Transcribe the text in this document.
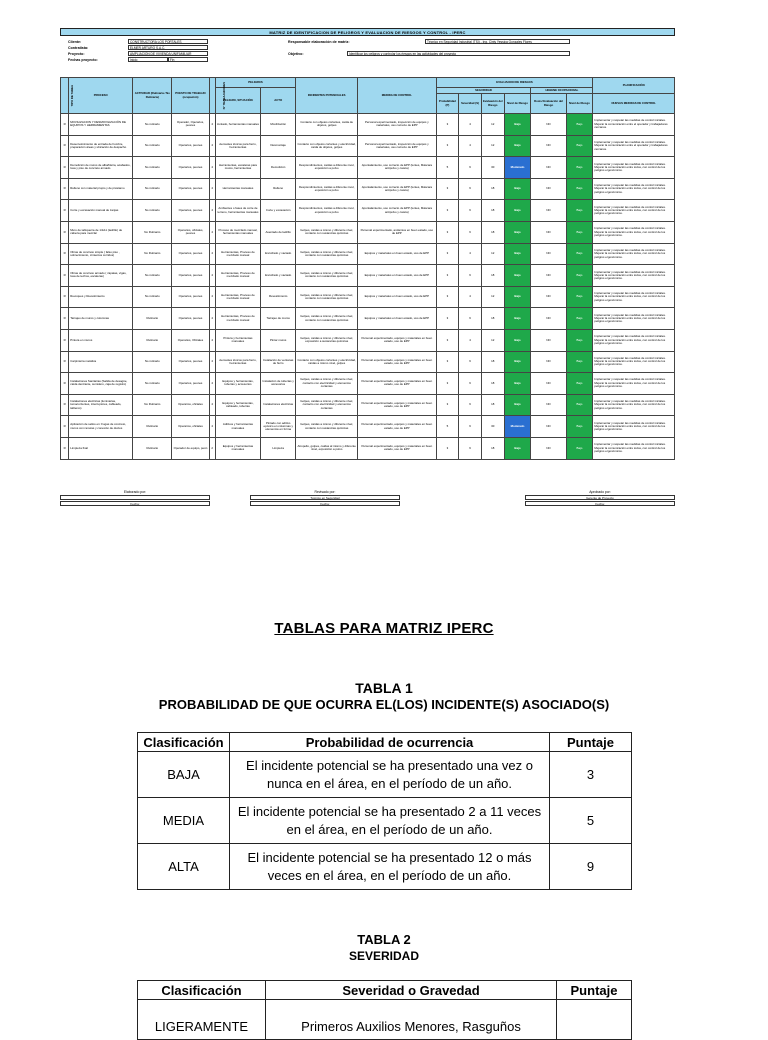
MATRIZ DE IDENTIFICACION DE PELIGROS Y EVALUACION DE RIESGOS Y CONTROL - IPERC
Cliente:
Contratista:
Proyecto:
Fechas proyecto:
CONSTRUCTORA LOS PORTALES
ELMER ARTURO S.A.C.
AMPLIACION DE VIVIENDA UNIFAMILIAR
Inicio	Fin
Responsable elaboración de matriz:
Objetivo:
Técnico en Seguridad Industrial (TSI) - Ing. Cinty Yessica Gonzales Flores
Identificar los peligros y controlar los riesgos en las actividades del proyecto
TIPO DE TAREA	PROCESO	ACTIVIDAD (Rutinaria / No Rutinaria)	PUESTO DE TRABAJO (ocupación)	N° TRABAJADORES	PELIGROS		INCIDENTES POTENCIALES	MEDIDA DE CONTROL	EVALUACION DE RIESGOS						PLANIFICACIÓN
					PELIGRO, SITUACIÓN	ACTO			SEGURIDAD				HIGIENE OCUPACIONAL		
									Probabilidad (P)	Severidad (S)	Evaluación del Riesgo	Nivel de Riesgo	Dosis/ Evaluación del Riesgo	Nivel de Riesgo	NUEVAS MEDIDAS DE CONTROL
R	MOVILIZACION Y DESMOVILIZACIÓN DE EQUIPOS Y HERRAMIENTAS	No rutinario	Operador, Operarios, peones	4	Juntado, herramientas manuales	Movilización	Contacto con objetos cortantes, caída de objetos, golpes	Personal experimentado, inspección de equipos y materiales, uso correcto de EPP	3	4	12	Bajo	NO	Bajo	Implementar y respetar las medidas de control iniciales. Mejorar la comunicación entre el operador y trabajadores cercanos.
R	Desenvolvimiento de entrada de hombre, preparación áreas y ubicación de despacho	No rutinario	Operarios, peones	4	Aerosoles tóxicos para fierro, herramientas	Desmontaje	Contacto con objetos cortantes y electricidad, caída de objetos, golpes	Personal experimentado, inspección de equipos y materiales, uso correcto de EPP	3	4	12	Bajo	NO	Bajo	Implementar y respetar las medidas de control iniciales. Mejorar la comunicación entre el operador y trabajadores cercanos.
R	Demolición de muros de albañilería, acabados, losa y piso de concreto armado	No rutinario	Operarios, peones	4	Herramientas, escaleras para muros, herramientas	Demolición	Desprendimientos, caídas a diferente nivel, exposición a polvo	Apuntalamiento, uso correcto de EPP (lentes, Máscara antipolvo y careta)	5	6	30	Moderado	NO	Bajo	Implementar y respetar las medidas de control iniciales. Mejorar la comunicación entre todos, con control de los peligros ergonómicos.
R	Relleno con material propio y de préstamo	No rutinario	Operarios, peones	4	Herramientas manuales	Relleno	Desprendimientos, caídas a diferente nivel, exposición a polvo	Apuntalamiento, uso correcto de EPP (lentes, Máscara antipolvo y careta)	3	6	18	Bajo	NO	Bajo	Implementar y respetar las medidas de control iniciales. Mejorar la comunicación entre todos, con control de los peligros ergonómicos.
R	Corte y excavación manual de zanjas	No rutinario	Operarios, peones	4	Ambientes o fases de corte de terreno, herramientas manuales	Corte y excavación	Desprendimientos, caídas a diferente nivel, exposición a polvo	Apuntalamiento, uso correcto de EPP (lentes, Máscara antipolvo y careta)	3	6	18	Bajo	NO	Bajo	Implementar y respetar las medidas de control iniciales. Mejorar la comunicación entre todos, con control de los peligros ergonómicos.
R	Muro de tabiquería de 14x11 (ladrillo) de cabeza para mezclar	No Rutinario	Operarios, oficiales, peones	4	Proceso de mezclado manual, herramientas manuales	Asentado de ladrillo	Golpes, caídas a mismo y diferente nivel, contacto con sustancias químicas	Personal experimentado, andamios en buen estado, uso de EPP	3	6	18	Bajo	NO	Bajo	Implementar y respetar las medidas de control iniciales. Mejorar la comunicación entre todos, con control de los peligros ergonómicos.
R	Obras de concreto simple ( falso piso , sobrecimiento, cimientos corridos)	No Rutinario	Operarios, peones	4	Herramientas, Proceso de mezclado manual	Encofrado y vaciado	Golpes, caídas a mismo y diferente nivel, contacto con sustancias químicas	Equipos y materiales en buen estado, uso de EPP	3	4	12	Bajo	NO	Bajo	Implementar y respetar las medidas de control iniciales. Mejorar la comunicación entre todos, con control de los peligros ergonómicos.
R	Obras de concreto armado ( zapatas, vigas, losa de techos, escaleras)	No rutinario	Operarios, peones	4	Herramientas, Proceso de mezclado manual	Encofrado y vaciado	Golpes, caídas a mismo y diferente nivel, contacto con sustancias químicas	Equipos y materiales en buen estado, uso de EPP	3	6	18	Bajo	NO	Bajo	Implementar y respetar las medidas de control iniciales. Mejorar la comunicación entre todos, con control de los peligros ergonómicos.
R	Revoques y Revestimiento	No rutinario	Operarios, peones	4	Herramientas, Proceso de mezclado manual	Revestimiento	Golpes, caídas a mismo y diferente nivel, contacto con sustancias químicas	Equipos y materiales en buen estado, uso de EPP	3	4	12	Bajo	NO	Bajo	Implementar y respetar las medidas de control iniciales. Mejorar la comunicación entre todos, con control de los peligros ergonómicos.
R	Tarrajeo de muros y columnas	Rutinario	Operarios, peones	4	Herramientas, Proceso de mezclado manual	Tarrajeo de muros	Golpes, caídas a mismo y diferente nivel, contacto con sustancias químicas	Equipos y materiales en buen estado, uso de EPP	3	6	18	Bajo	NO	Bajo	Implementar y respetar las medidas de control iniciales. Mejorar la comunicación entre todos, con control de los peligros ergonómicos.
R	Pintura en muros	Rutinario	Operarios, Oficiales	4	Pintura y herramientas manuales	Pintar muros	Golpes, caídas a mismo y diferente nivel, exposición a sustancias químicas	Personal experimentado, equipos y materiales en buen estado, uso de EPP	3	4	12	Bajo	NO	Bajo	Implementar y respetar las medidas de control iniciales. Mejorar la comunicación entre todos, con control de los peligros ergonómicos.
R	Carpintería metálica	No rutinario	Operarios, peones	4	Aerosoles tóxicos para fierro, herramientas	Instalación de ventanas de fierro	Contacto con objetos cortantes y electricidad, caídas a mismo nivel, golpes	Personal experimentado, equipos y materiales en buen estado, uso de EPP	3	6	18	Bajo	NO	Bajo	Implementar y respetar las medidas de control iniciales. Mejorar la comunicación entre todos, con control de los peligros ergonómicos.
R	Instalaciones Sanitarias (Salida de desagüe, caída dentrante, sumidero, caja de registro)	No rutinario	Operarios, peones	4	Equipos y herramientas, tuberías y accesorios	Instalación de tuberías y accesorios	Golpes, caídas a mismo y diferente nivel, contacto con electricidad y elementos cortantes	Personal experimentado, equipos y materiales en buen estado, uso de EPP	3	6	18	Bajo	NO	Bajo	Implementar y respetar las medidas de control iniciales. Mejorar la comunicación entre todos, con control de los peligros ergonómicos.
R	Instalaciones eléctricas (luminarias, tomacorrientes, interruptores, cableado, tableros)	No Rutinario	Operarios, oficiales	4	Equipos y herramientas, cableado, tuberías	Instalaciones eléctricas	Golpes, caídas a mismo y diferente nivel, contacto con electricidad y elementos cortantes	Personal experimentado, equipos y materiales en buen estado, uso de EPP	3	6	18	Bajo	NO	Bajo	Implementar y respetar las medidas de control iniciales. Mejorar la comunicación entre todos, con control de los peligros ergonómicos.
R	Aplicación de sellos en: Fugas de concreto, muros con ranuras y conexión de ductos	Rutinario	Operarios, oficiales	4	Aditivos y herramientas manuales	Pintado con aditivo epóxico en columnas y elementos en forma	Golpes, caídas a mismo y diferente nivel, contacto con sustancias químicas	Personal experimentado, equipos y materiales en buen estado, uso de EPP	5	6	30	Moderado	NO	Bajo	Implementar y respetar las medidas de control iniciales. Mejorar la comunicación entre todos, con control de los peligros ergonómicos.
R	Limpieza final	Rutinario	Operador de equipo, peón	2	Equipos y herramientas manuales	Limpieza	Atropello, golpes, caídas al mismo y diferente nivel, exposición a polvo	Personal experimentado, equipos y materiales en buen estado, uso de EPP	3	6	18	Bajo	NO	Bajo	Implementar y respetar las medidas de control iniciales. Mejorar la comunicación entre todos, con control de los peligros ergonómicos.
Elaborado por:
Fecha:
Revisado por:
Técnico en Seguridad
Fecha:
Aprobado por:
Gerente de Proyecto
Fecha:
TABLAS PARA MATRIZ IPERC
TABLA 1
PROBABILIDAD DE QUE OCURRA EL(LOS) INCIDENTE(S) ASOCIADO(S)
Clasificación	Probabilidad de ocurrencia	Puntaje
BAJA	El incidente potencial se ha presentado una vez o nunca en el área, en el período de un año.	3
MEDIA	El incidente potencial se ha presentado 2 a 11 veces en el área, en el período de un año.	5
ALTA	El incidente potencial se ha presentado 12 o más veces en el área, en el período de un año.	9
TABLA 2
SEVERIDAD
Clasificación	Severidad o Gravedad	Puntaje
LIGERAMENTE	Primeros Auxilios Menores, Rasguños	
